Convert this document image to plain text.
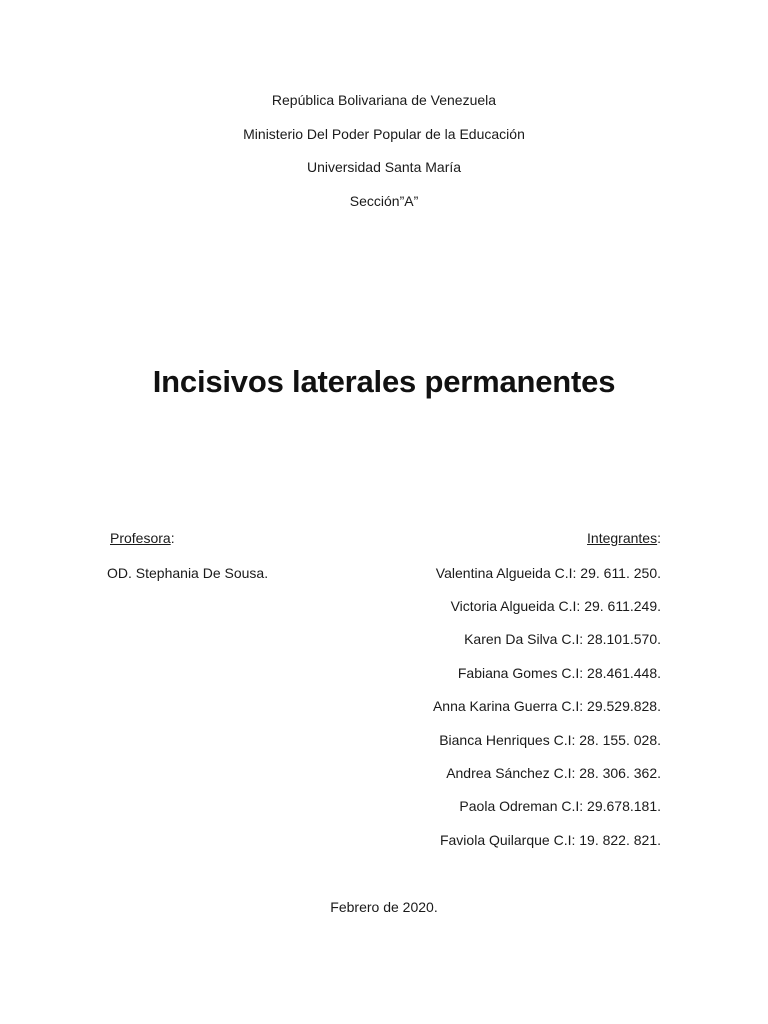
República Bolivariana de Venezuela
Ministerio Del Poder Popular de la Educación
Universidad Santa María
Sección”A”
Incisivos laterales permanentes
Profesora:
OD. Stephania De Sousa.
Integrantes:
Valentina Algueida C.I: 29. 611. 250.
Victoria Algueida C.I: 29. 611.249.
Karen Da Silva C.I: 28.101.570.
Fabiana Gomes C.I: 28.461.448.
Anna Karina Guerra C.I: 29.529.828.
Bianca Henriques C.I: 28. 155. 028.
Andrea Sánchez C.I: 28. 306. 362.
Paola Odreman C.I: 29.678.181.
Faviola Quilarque C.I: 19. 822. 821.
Febrero de 2020.
